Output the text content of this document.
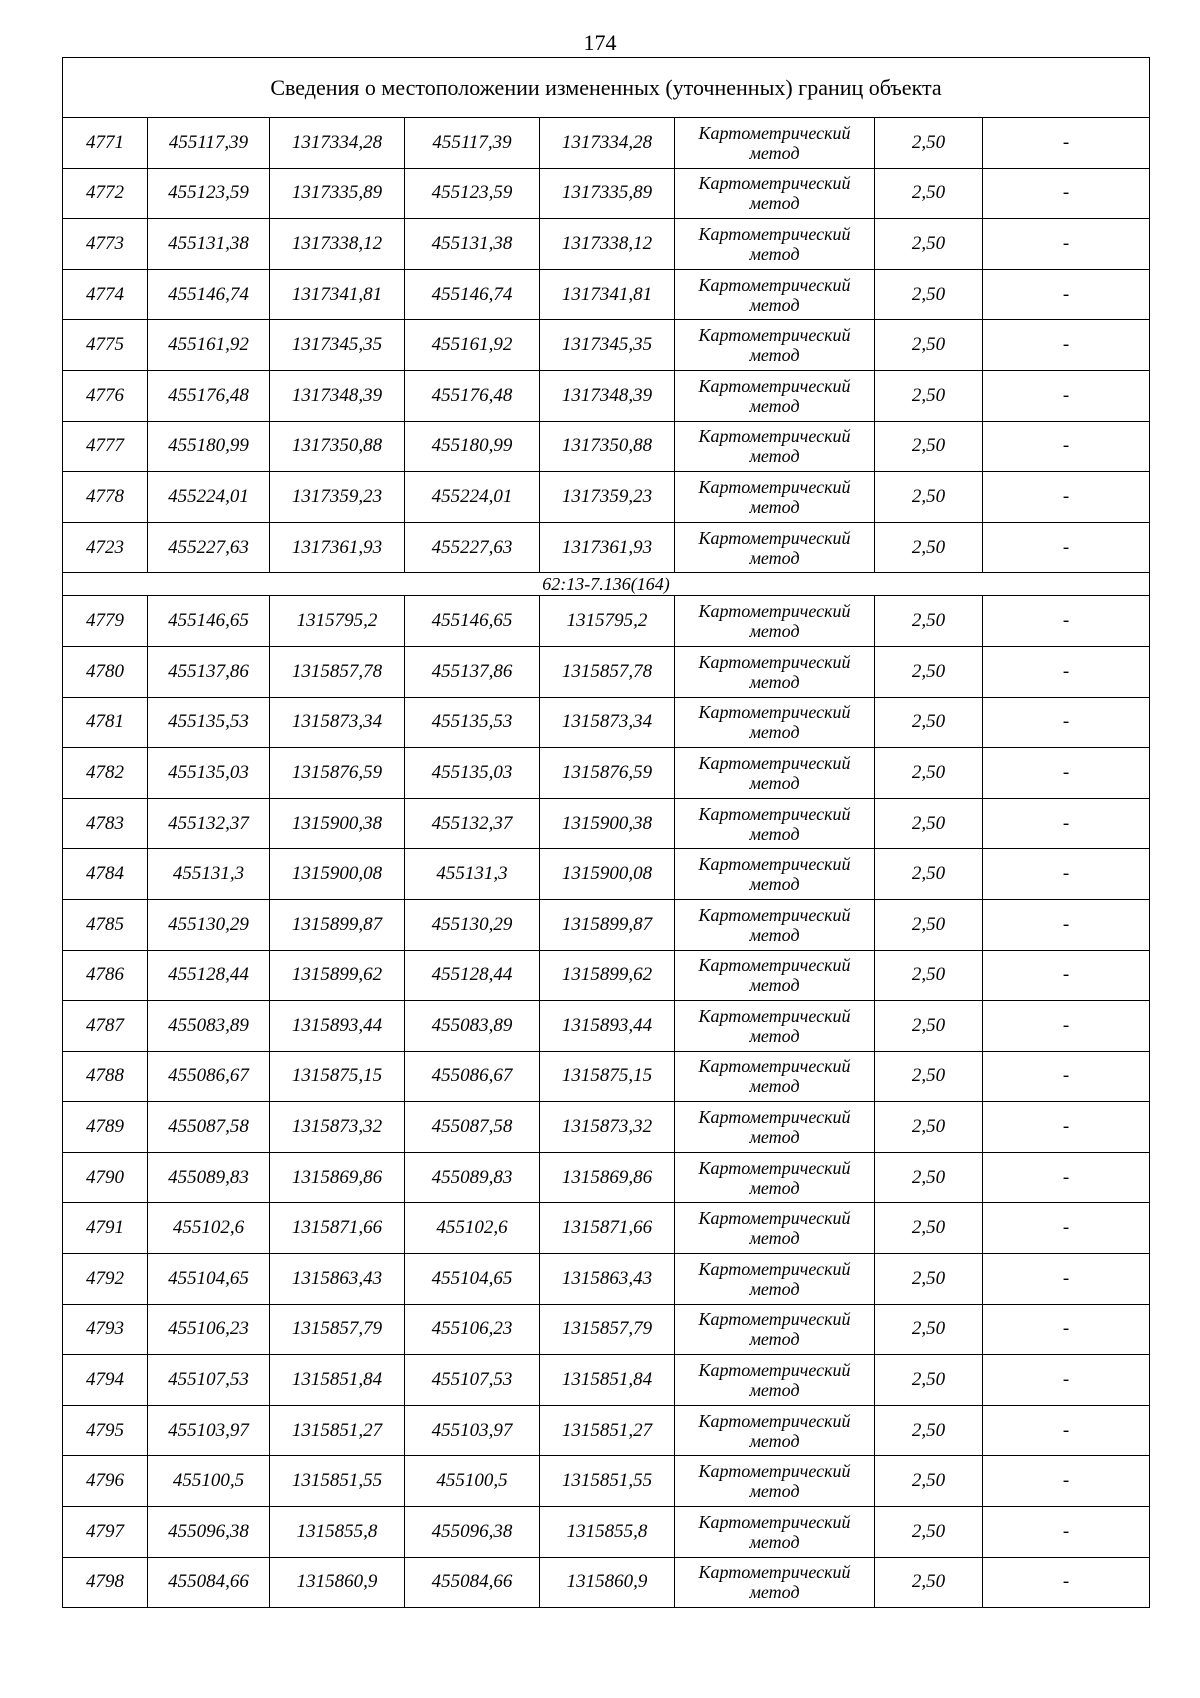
174
Сведения о местоположении измененных (уточненных) границ объекта							
4771	455117,39	1317334,28	455117,39	1317334,28	Картометрический метод	2,50	-
4772	455123,59	1317335,89	455123,59	1317335,89	Картометрический метод	2,50	-
4773	455131,38	1317338,12	455131,38	1317338,12	Картометрический метод	2,50	-
4774	455146,74	1317341,81	455146,74	1317341,81	Картометрический метод	2,50	-
4775	455161,92	1317345,35	455161,92	1317345,35	Картометрический метод	2,50	-
4776	455176,48	1317348,39	455176,48	1317348,39	Картометрический метод	2,50	-
4777	455180,99	1317350,88	455180,99	1317350,88	Картометрический метод	2,50	-
4778	455224,01	1317359,23	455224,01	1317359,23	Картометрический метод	2,50	-
4723	455227,63	1317361,93	455227,63	1317361,93	Картометрический метод	2,50	-
62:13-7.136(164)							
4779	455146,65	1315795,2	455146,65	1315795,2	Картометрический метод	2,50	-
4780	455137,86	1315857,78	455137,86	1315857,78	Картометрический метод	2,50	-
4781	455135,53	1315873,34	455135,53	1315873,34	Картометрический метод	2,50	-
4782	455135,03	1315876,59	455135,03	1315876,59	Картометрический метод	2,50	-
4783	455132,37	1315900,38	455132,37	1315900,38	Картометрический метод	2,50	-
4784	455131,3	1315900,08	455131,3	1315900,08	Картометрический метод	2,50	-
4785	455130,29	1315899,87	455130,29	1315899,87	Картометрический метод	2,50	-
4786	455128,44	1315899,62	455128,44	1315899,62	Картометрический метод	2,50	-
4787	455083,89	1315893,44	455083,89	1315893,44	Картометрический метод	2,50	-
4788	455086,67	1315875,15	455086,67	1315875,15	Картометрический метод	2,50	-
4789	455087,58	1315873,32	455087,58	1315873,32	Картометрический метод	2,50	-
4790	455089,83	1315869,86	455089,83	1315869,86	Картометрический метод	2,50	-
4791	455102,6	1315871,66	455102,6	1315871,66	Картометрический метод	2,50	-
4792	455104,65	1315863,43	455104,65	1315863,43	Картометрический метод	2,50	-
4793	455106,23	1315857,79	455106,23	1315857,79	Картометрический метод	2,50	-
4794	455107,53	1315851,84	455107,53	1315851,84	Картометрический метод	2,50	-
4795	455103,97	1315851,27	455103,97	1315851,27	Картометрический метод	2,50	-
4796	455100,5	1315851,55	455100,5	1315851,55	Картометрический метод	2,50	-
4797	455096,38	1315855,8	455096,38	1315855,8	Картометрический метод	2,50	-
4798	455084,66	1315860,9	455084,66	1315860,9	Картометрический метод	2,50	-
